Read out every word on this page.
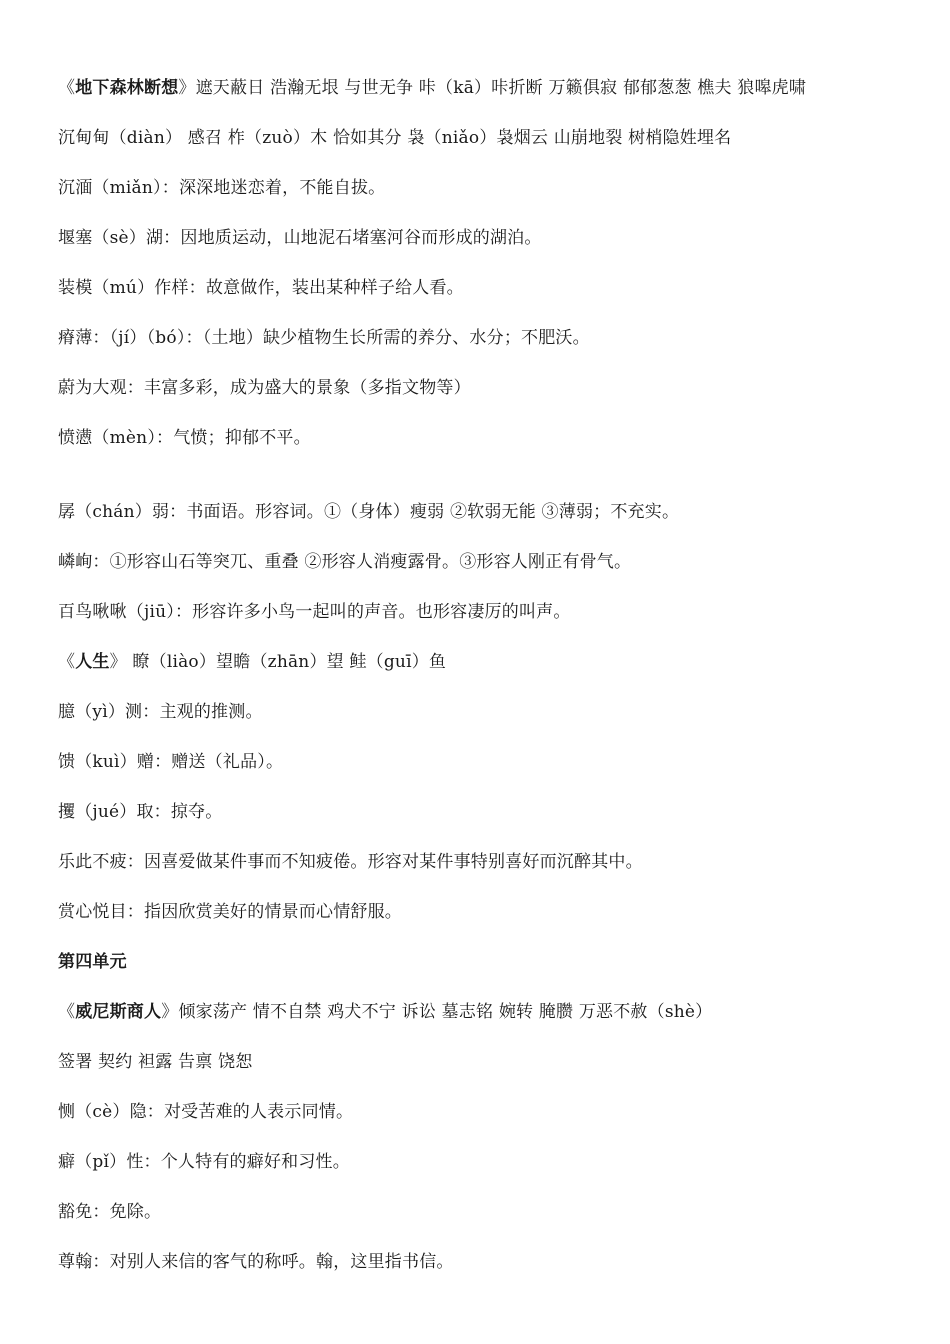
《地下森林断想》遮天蔽日 浩瀚无垠 与世无争 咔（kā）咔折断 万籁俱寂 郁郁葱葱 樵夫 狼嗥虎啸
沉甸甸（diàn） 感召 柞（zuò）木 恰如其分 袅（niǎo）袅烟云 山崩地裂 树梢隐姓埋名
沉湎（miǎn）：深深地迷恋着，不能自拔。
堰塞（sè）湖：因地质运动，山地泥石堵塞河谷而形成的湖泊。
装模（mú）作样：故意做作，装出某种样子给人看。
瘠薄：（jí）（bó）：（土地）缺少植物生长所需的养分、水分；不肥沃。
蔚为大观：丰富多彩，成为盛大的景象（多指文物等）
愤懑（mèn）：气愤；抑郁不平。
孱（chán）弱：书面语。形容词。①（身体）瘦弱 ②软弱无能 ③薄弱；不充实。
嶙峋：①形容山石等突兀、重叠 ②形容人消瘦露骨。③形容人刚正有骨气。
百鸟啾啾（jiū）：形容许多小鸟一起叫的声音。也形容凄厉的叫声。
《人生》 瞭（liào）望瞻（zhān）望 鲑（guī）鱼
臆（yì）测：主观的推测。
馈（kuì）赠：赠送（礼品）。
攫（jué）取：掠夺。
乐此不疲：因喜爱做某件事而不知疲倦。形容对某件事特别喜好而沉醉其中。
赏心悦目：指因欣赏美好的情景而心情舒服。
第四单元
《威尼斯商人》倾家荡产 情不自禁 鸡犬不宁 诉讼 墓志铭 婉转 腌臜 万恶不赦（shè）
签署 契约 袒露 告禀 饶恕
恻（cè）隐：对受苦难的人表示同情。
癖（pǐ）性：个人特有的癖好和习性。
豁免：免除。
尊翰：对别人来信的客气的称呼。翰，这里指书信。
